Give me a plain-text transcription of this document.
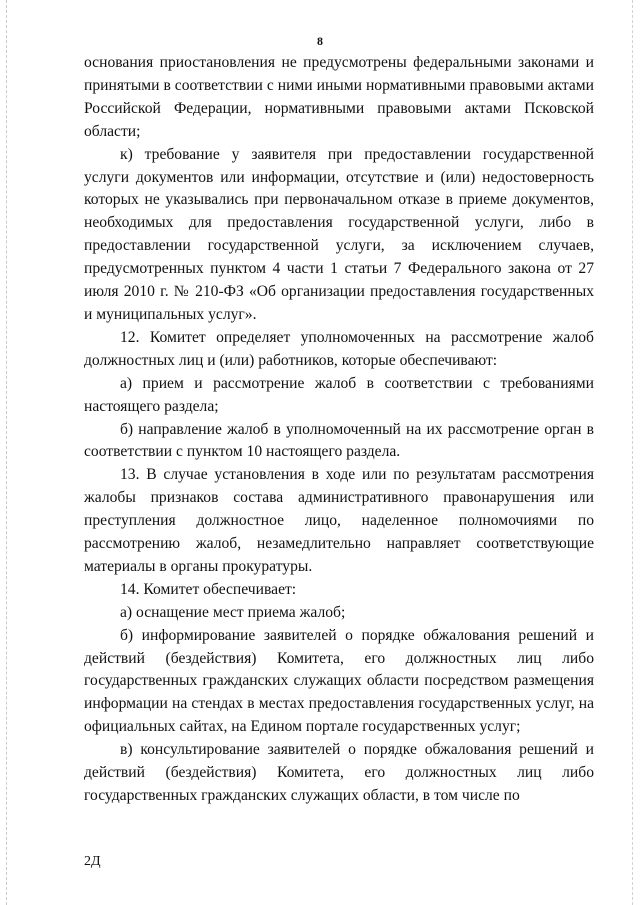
8

основания приостановления не предусмотрены федеральными законами и принятыми в соответствии с ними иными нормативными правовыми актами Российской Федерации, нормативными правовыми актами Псковской области;

к) требование у заявителя при предоставлении государственной услуги документов или информации, отсутствие и (или) недостоверность которых не указывались при первоначальном отказе в приеме документов, необходимых для предоставления государственной услуги, либо в предоставлении государственной услуги, за исключением случаев, предусмотренных пунктом 4 части 1 статьи 7 Федерального закона от 27 июля 2010 г. № 210-ФЗ «Об организации предоставления государственных и муниципальных услуг».

12. Комитет определяет уполномоченных на рассмотрение жалоб должностных лиц и (или) работников, которые обеспечивают:

а) прием и рассмотрение жалоб в соответствии с требованиями настоящего раздела;

б) направление жалоб в уполномоченный на их рассмотрение орган в соответствии с пунктом 10 настоящего раздела.

13. В случае установления в ходе или по результатам рассмотрения жалобы признаков состава административного правонарушения или преступления должностное лицо, наделенное полномочиями по рассмотрению жалоб, незамедлительно направляет соответствующие материалы в органы прокуратуры.

14. Комитет обеспечивает:

а) оснащение мест приема жалоб;

б) информирование заявителей о порядке обжалования решений и действий (бездействия) Комитета, его должностных лиц либо государственных гражданских служащих области посредством размещения информации на стендах в местах предоставления государственных услуг, на официальных сайтах, на Едином портале государственных услуг;

в) консультирование заявителей о порядке обжалования решений и действий (бездействия) Комитета, его должностных лиц либо государственных гражданских служащих области, в том числе по

2Д
